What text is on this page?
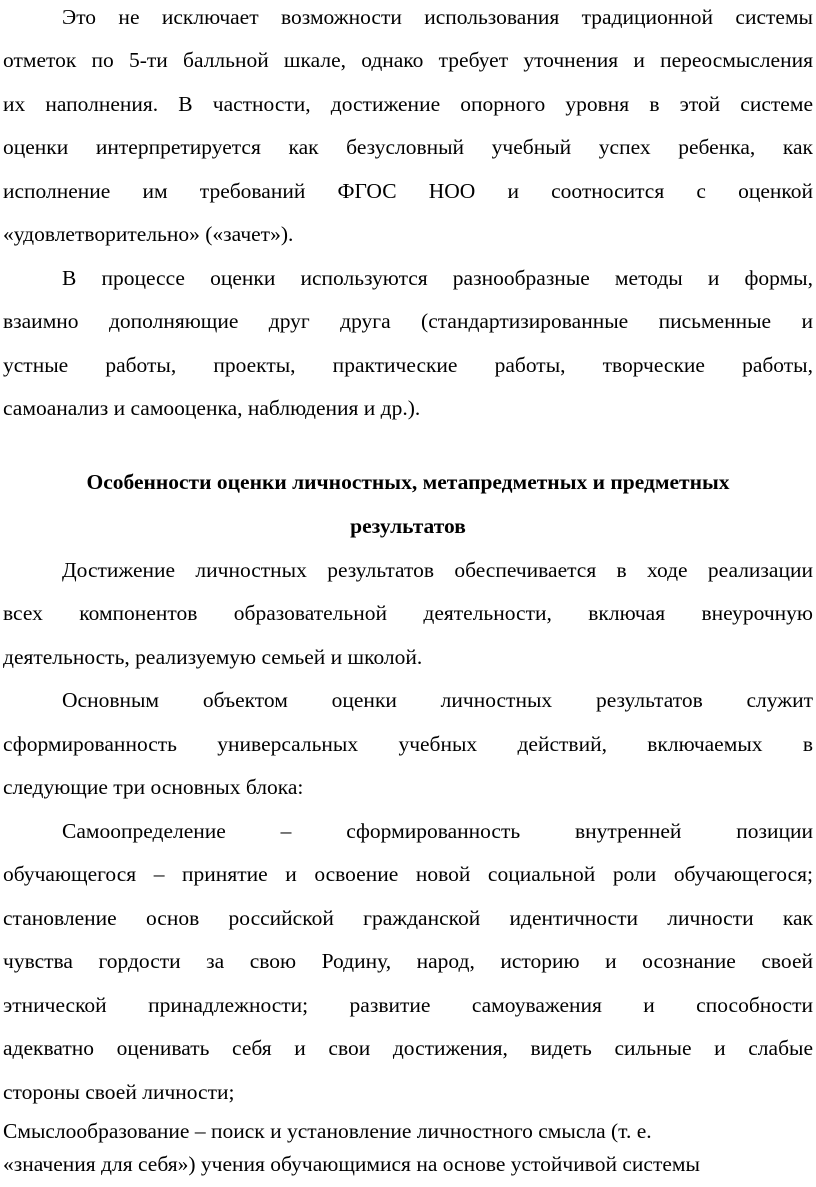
Это не исключает возможности использования традиционной системы
отметок по 5-ти балльной шкале, однако требует уточнения и переосмысления
их наполнения. В частности, достижение опорного уровня в этой системе
оценки интерпретируется как безусловный учебный успех ребенка, как
исполнение им требований ФГОС НОО и соотносится с оценкой
«удовлетворительно» («зачет»).
В процессе оценки используются разнообразные методы и формы,
взаимно дополняющие друг друга (стандартизированные письменные и
устные работы, проекты, практические работы, творческие работы,
самоанализ и самооценка, наблюдения и др.).
Особенности оценки личностных, метапредметных и предметных
результатов
Достижение личностных результатов обеспечивается в ходе реализации
всех компонентов образовательной деятельности, включая внеурочную
деятельность, реализуемую семьей и школой.
Основным объектом оценки личностных результатов служит
сформированность универсальных учебных действий, включаемых в
следующие три основных блока:
Самоопределение – сформированность внутренней позиции
обучающегося – принятие и освоение новой социальной роли обучающегося;
становление основ российской гражданской идентичности личности как
чувства гордости за свою Родину, народ, историю и осознание своей
этнической принадлежности; развитие самоуважения и способности
адекватно оценивать себя и свои достижения, видеть сильные и слабые
стороны своей личности;
Смыслообразование – поиск и установление личностного смысла (т. е.
«значения для себя») учения обучающимися на основе устойчивой системы
